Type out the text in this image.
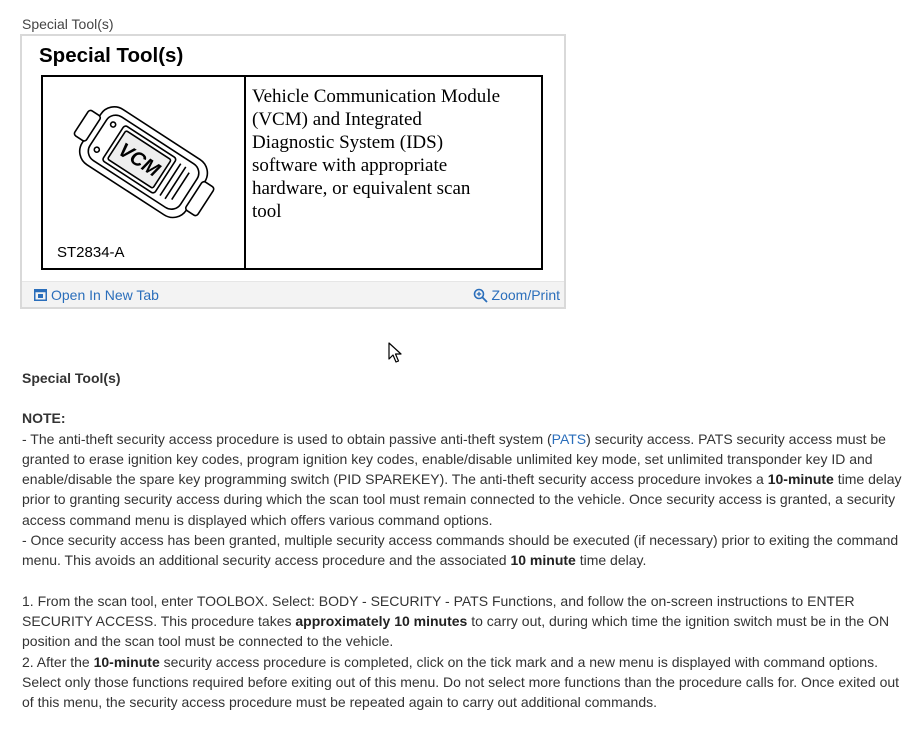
Special Tool(s)
Special Tool(s)
VCM
ST2834-A
Vehicle Communication Module
(VCM) and Integrated
Diagnostic System (IDS)
software with appropriate
hardware, or equivalent scan
tool
Open In New Tab	Zoom/Print

Special Tool(s)

NOTE:

- The anti-theft security access procedure is used to obtain passive anti-theft system (PATS) security access. PATS security access must be granted to erase ignition key codes, program ignition key codes, enable/disable unlimited key mode, set unlimited transponder key ID and enable/disable the spare key programming switch (PID SPAREKEY). The anti-theft security access procedure invokes a 10-minute time delay prior to granting security access during which the scan tool must remain connected to the vehicle. Once security access is granted, a security access command menu is displayed which offers various command options.

- Once security access has been granted, multiple security access commands should be executed (if necessary) prior to exiting the command menu. This avoids an additional security access procedure and the associated 10 minute time delay.

1. From the scan tool, enter TOOLBOX. Select: BODY - SECURITY - PATS Functions, and follow the on-screen instructions to ENTER SECURITY ACCESS. This procedure takes approximately 10 minutes to carry out, during which time the ignition switch must be in the ON position and the scan tool must be connected to the vehicle.

2. After the 10-minute security access procedure is completed, click on the tick mark and a new menu is displayed with command options. Select only those functions required before exiting out of this menu. Do not select more functions than the procedure calls for. Once exited out of this menu, the security access procedure must be repeated again to carry out additional commands.
